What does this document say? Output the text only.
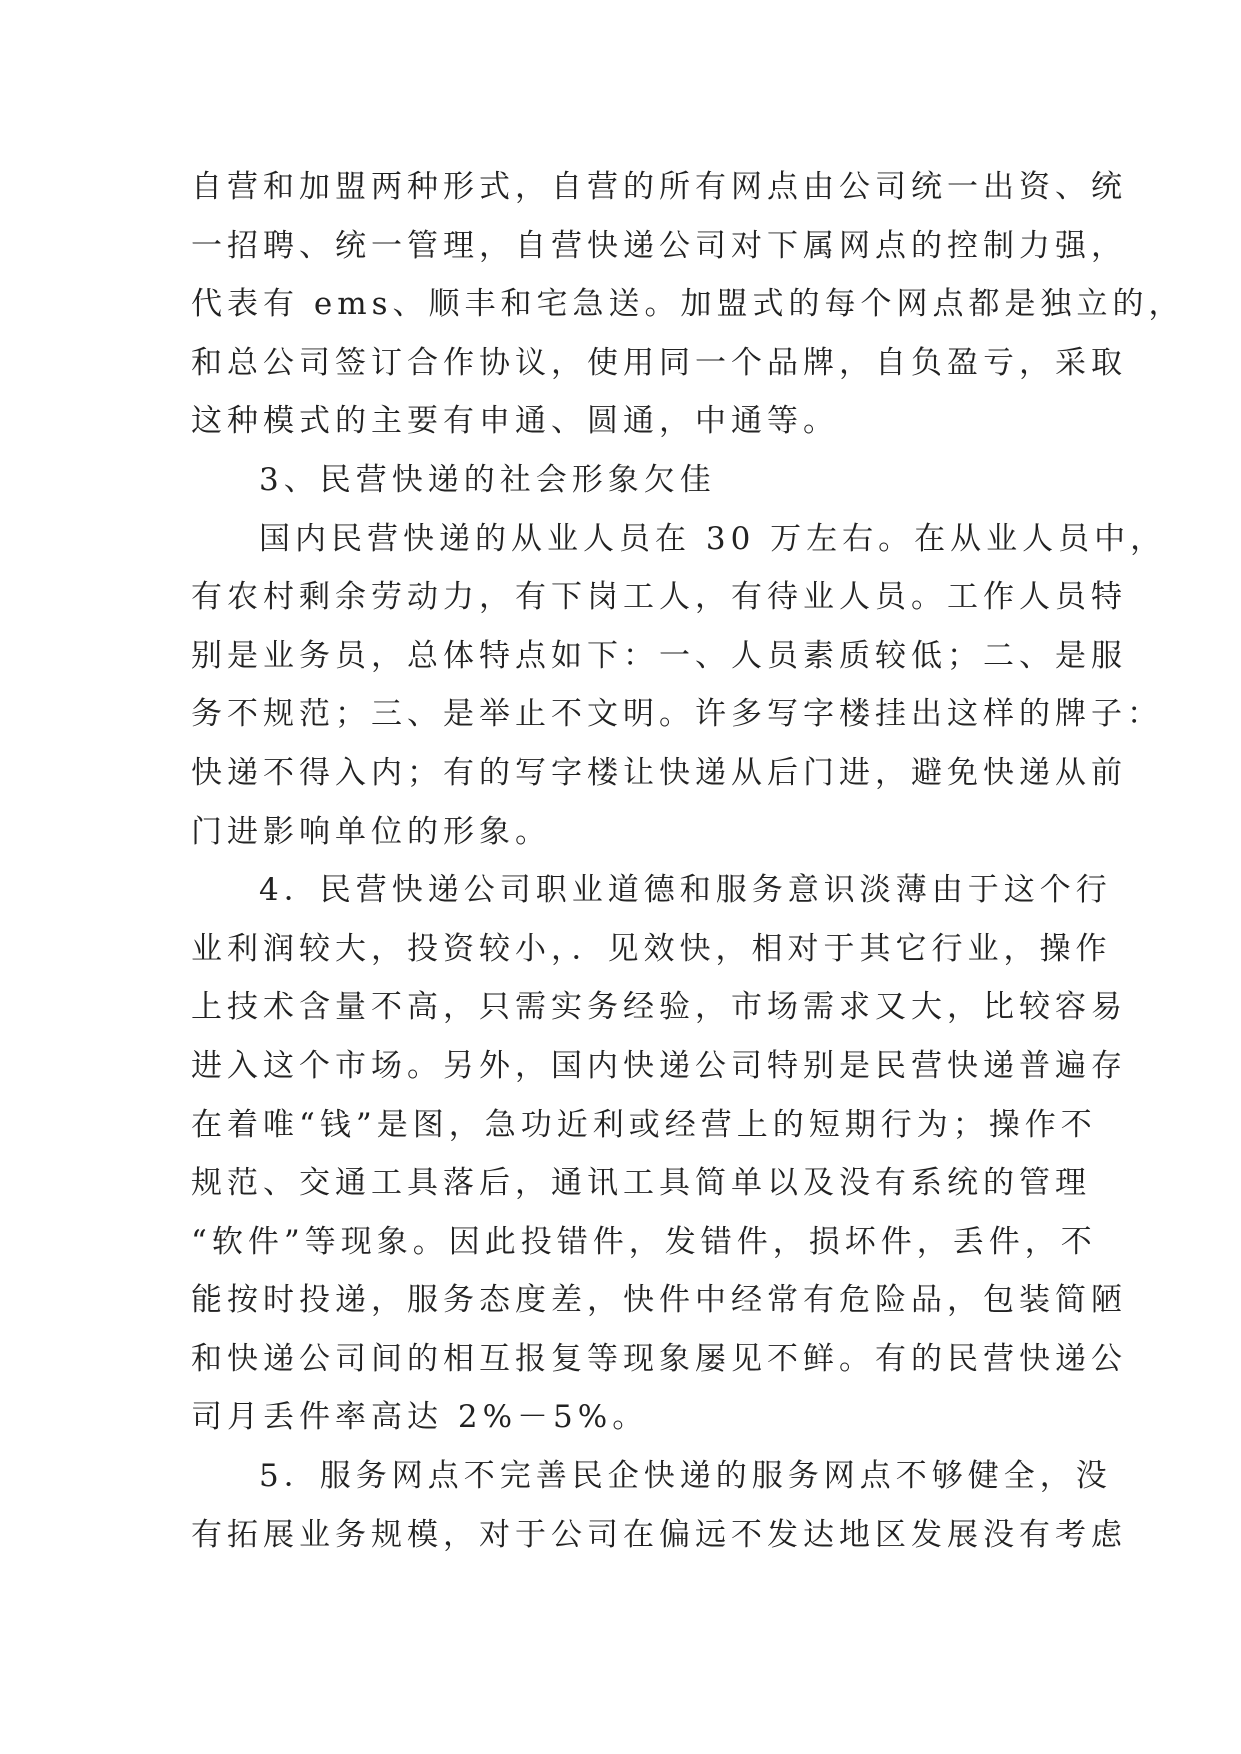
自营和加盟两种形式，自营的所有网点由公司统一出资、统
一招聘、统一管理，自营快递公司对下属网点的控制力强，
代表有 ems、顺丰和宅急送。加盟式的每个网点都是独立的，
和总公司签订合作协议，使用同一个品牌，自负盈亏，采取
这种模式的主要有申通、圆通，中通等。
3、民营快递的社会形象欠佳
国内民营快递的从业人员在 30 万左右。在从业人员中，
有农村剩余劳动力，有下岗工人，有待业人员。工作人员特
别是业务员，总体特点如下：一、人员素质较低；二、是服
务不规范；三、是举止不文明。许多写字楼挂出这样的牌子：
快递不得入内；有的写字楼让快递从后门进，避免快递从前
门进影响单位的形象。
4．民营快递公司职业道德和服务意识淡薄由于这个行
业利润较大，投资较小，．见效快，相对于其它行业，操作
上技术含量不高，只需实务经验，市场需求又大，比较容易
进入这个市场。另外，国内快递公司特别是民营快递普遍存
在着唯“钱”是图，急功近利或经营上的短期行为；操作不
规范、交通工具落后，通讯工具简单以及没有系统的管理
“软件”等现象。因此投错件，发错件，损坏件，丢件，不
能按时投递，服务态度差，快件中经常有危险品，包装简陋
和快递公司间的相互报复等现象屡见不鲜。有的民营快递公
司月丢件率高达 2%－5%。
5．服务网点不完善民企快递的服务网点不够健全，没
有拓展业务规模，对于公司在偏远不发达地区发展没有考虑
